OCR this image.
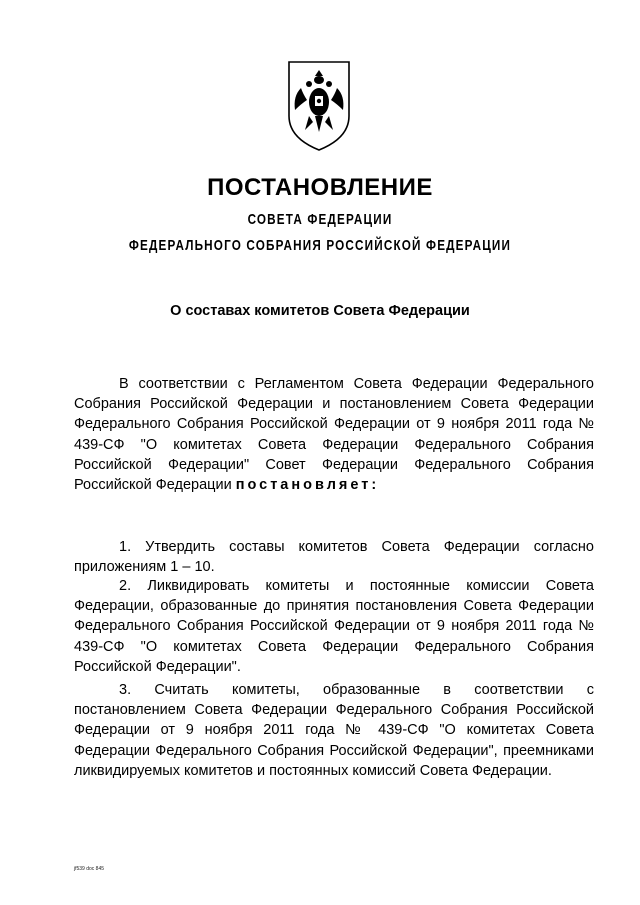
ПОСТАНОВЛЕНИЕ
СОВЕТА ФЕДЕРАЦИИ
ФЕДЕРАЛЬНОГО СОБРАНИЯ РОССИЙСКОЙ ФЕДЕРАЦИИ
О составах комитетов Совета Федерации
В соответствии с Регламентом Совета Федерации Федерального Собрания Российской Федерации и постановлением Совета Федерации Федерального Собрания Российской Федерации от 9 ноября 2011 года № 439-СФ "О комитетах Совета Федерации Федерального Собрания Российской Федерации" Совет Федерации Федерального Собрания Российской Федерации постановляет:
1. Утвердить составы комитетов Совета Федерации согласно приложениям 1 – 10.
2. Ликвидировать комитеты и постоянные комиссии Совета Федерации, образованные до принятия постановления Совета Федерации Федерального Собрания Российской Федерации от 9 ноября 2011 года № 439-СФ "О комитетах Совета Федерации Федерального Собрания Российской Федерации".
3. Считать комитеты, образованные в соответствии с постановлением Совета Федерации Федерального Собрания Российской Федерации от 9 ноября 2011 года № 439-СФ "О комитетах Совета Федерации Федерального Собрания Российской Федерации", преемниками ликвидируемых комитетов и постоянных комиссий Совета Федерации.
jf539 doc 845
